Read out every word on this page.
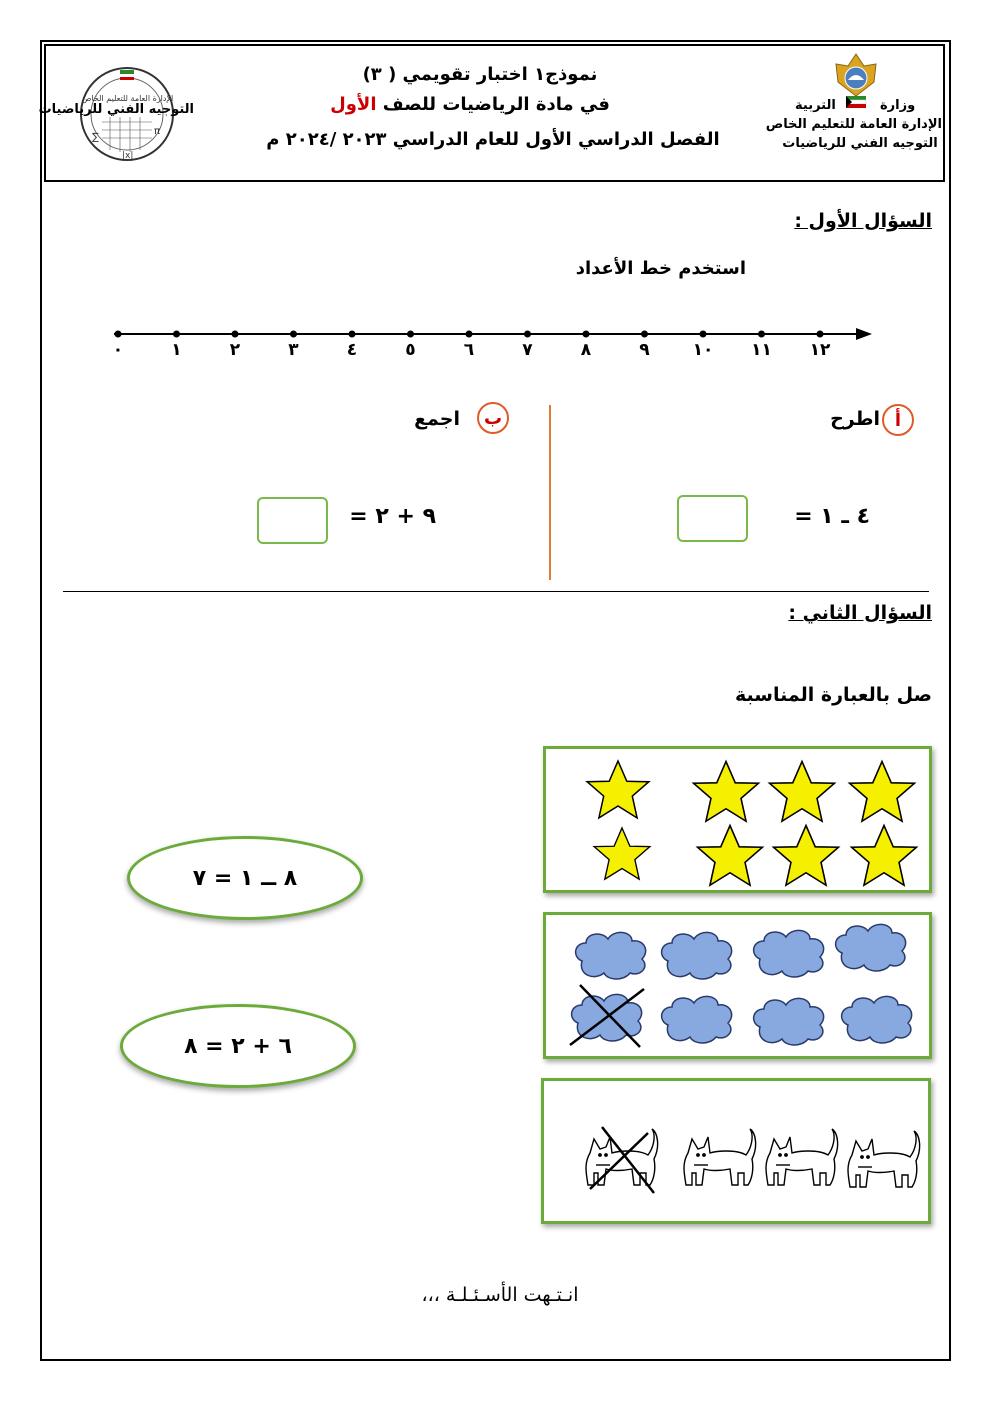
∑
π
|x|
الإدارة العامة للتعليم الخاص
التوجيه الفني للرياضيات
نموذج١ اختبار تقويمي ( ٣)
في مادة الرياضيات للصف الأول
الفصل الدراسي الأول للعام الدراسي ٢٠٢٣ /٢٠٢٤ م
وزارة
التربية
الإدارة العامة للتعليم الخاص
التوجيه الفني للرياضيات
السؤال الأول :
استخدم خط الأعداد
٠	١	٢	٣	٤	٥	٦	٧	٨	٩	١٠ ١١ ١٢
أ
اطرح
٤ ـ ١ =
ب
اجمع
٩ + ٢ =
السؤال الثاني :
صل بالعبارة المناسبة
٨ ــ ١ = ٧
٦ + ٢ = ٨
انـتـهت الأسـئـلـة ،،،
